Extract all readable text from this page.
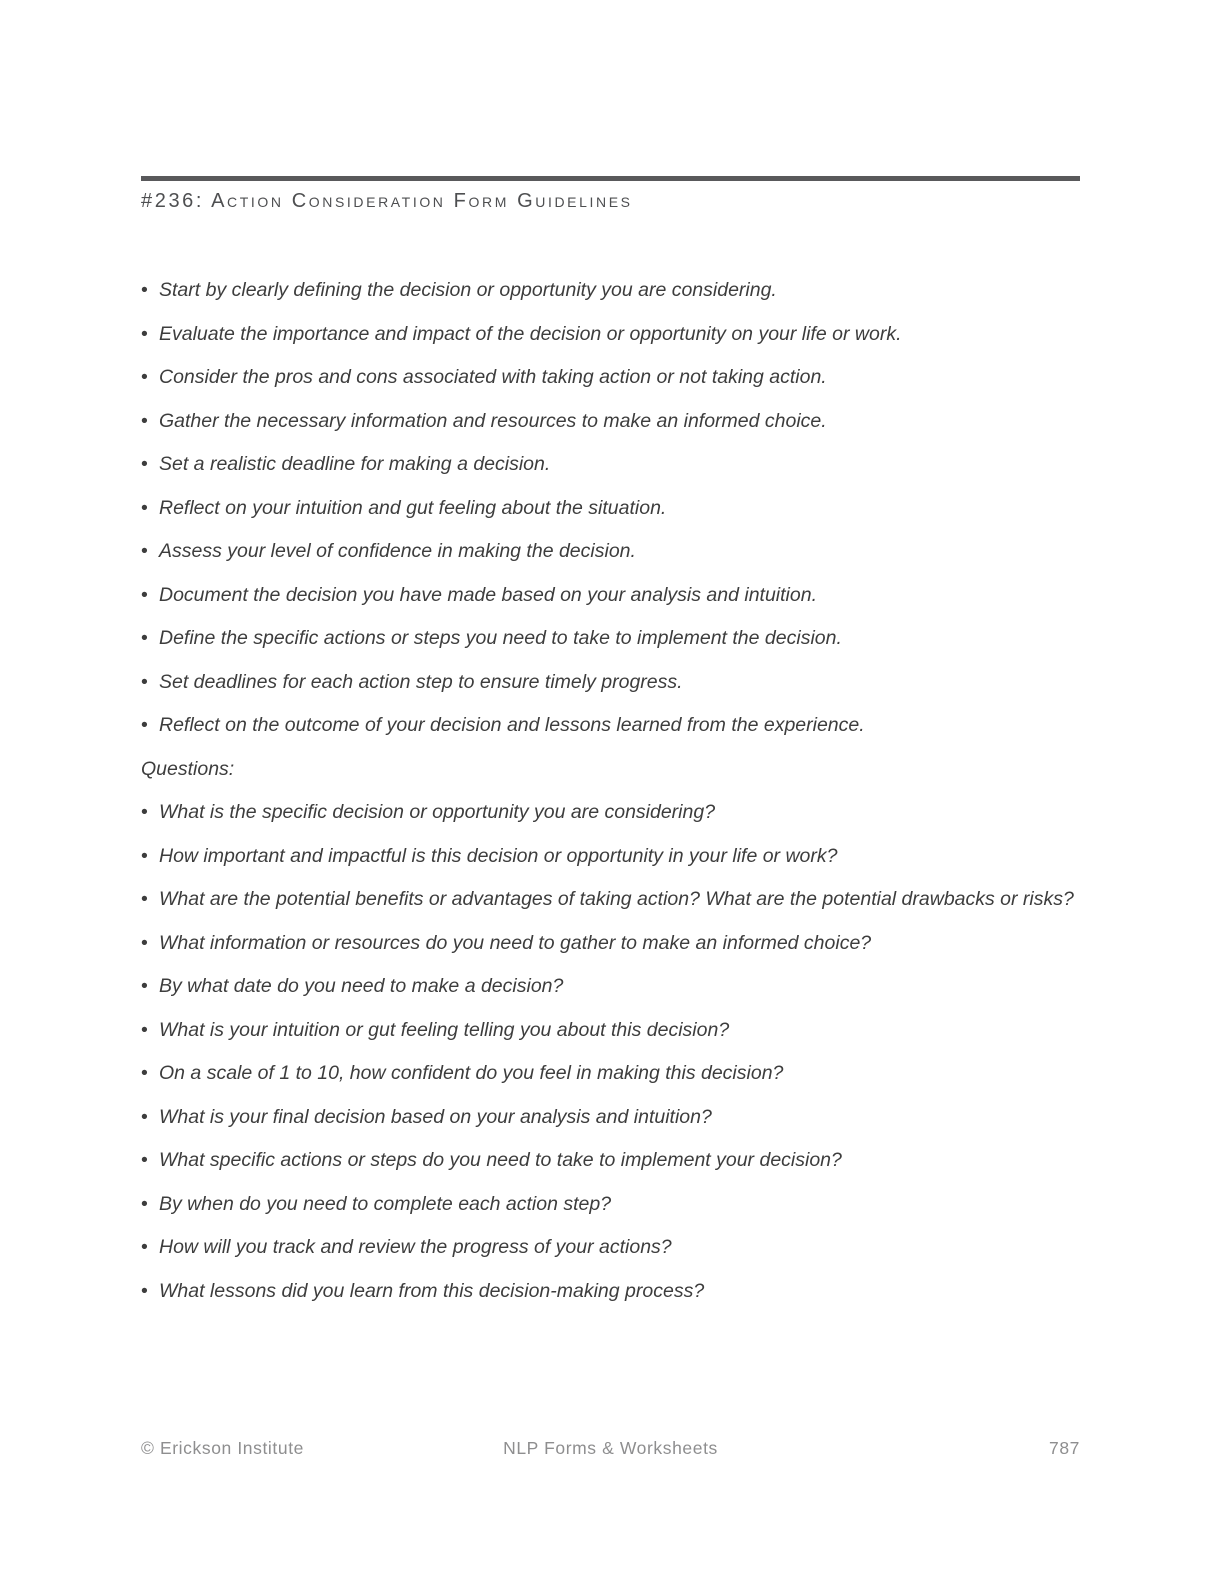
#236: Action Consideration Form Guidelines
• Start by clearly defining the decision or opportunity you are considering.
• Evaluate the importance and impact of the decision or opportunity on your life or work.
• Consider the pros and cons associated with taking action or not taking action.
• Gather the necessary information and resources to make an informed choice.
• Set a realistic deadline for making a decision.
• Reflect on your intuition and gut feeling about the situation.
• Assess your level of confidence in making the decision.
• Document the decision you have made based on your analysis and intuition.
• Define the specific actions or steps you need to take to implement the decision.
• Set deadlines for each action step to ensure timely progress.
• Reflect on the outcome of your decision and lessons learned from the experience.

Questions:

• What is the specific decision or opportunity you are considering?
• How important and impactful is this decision or opportunity in your life or work?
• What are the potential benefits or advantages of taking action? What are the potential drawbacks or risks?
• What information or resources do you need to gather to make an informed choice?
• By what date do you need to make a decision?
• What is your intuition or gut feeling telling you about this decision?
• On a scale of 1 to 10, how confident do you feel in making this decision?
• What is your final decision based on your analysis and intuition?
• What specific actions or steps do you need to take to implement your decision?
• By when do you need to complete each action step?
• How will you track and review the progress of your actions?
• What lessons did you learn from this decision-making process?
© Erickson Institute	NLP Forms & Worksheets	787
